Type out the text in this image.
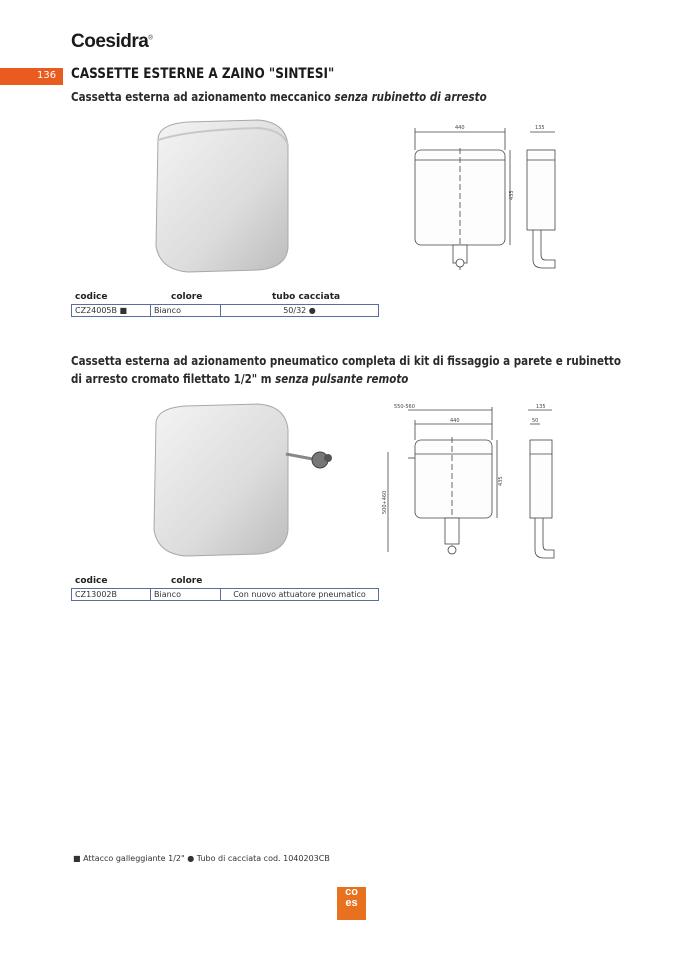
Coesidra®
136 CASSETTE ESTERNE A ZAINO "SINTESI"
Cassetta esterna ad azionamento meccanico senza rubinetto di arresto
440	135
435
codice	colore	tubo cacciata
CZ24005B ■	Bianco	50/32 ●
Cassetta esterna ad azionamento pneumatico completa di kit di fissaggio a parete e rubinetto
di arresto cromato filettato 1/2" m senza pulsante remoto
550-560
440
135
50
435
500+460
codice	colore
CZ13002B	Bianco	Con nuovo attuatore pneumatico
■ Attacco galleggiante 1/2" ● Tubo di cacciata cod. 1040203CB
co
es
